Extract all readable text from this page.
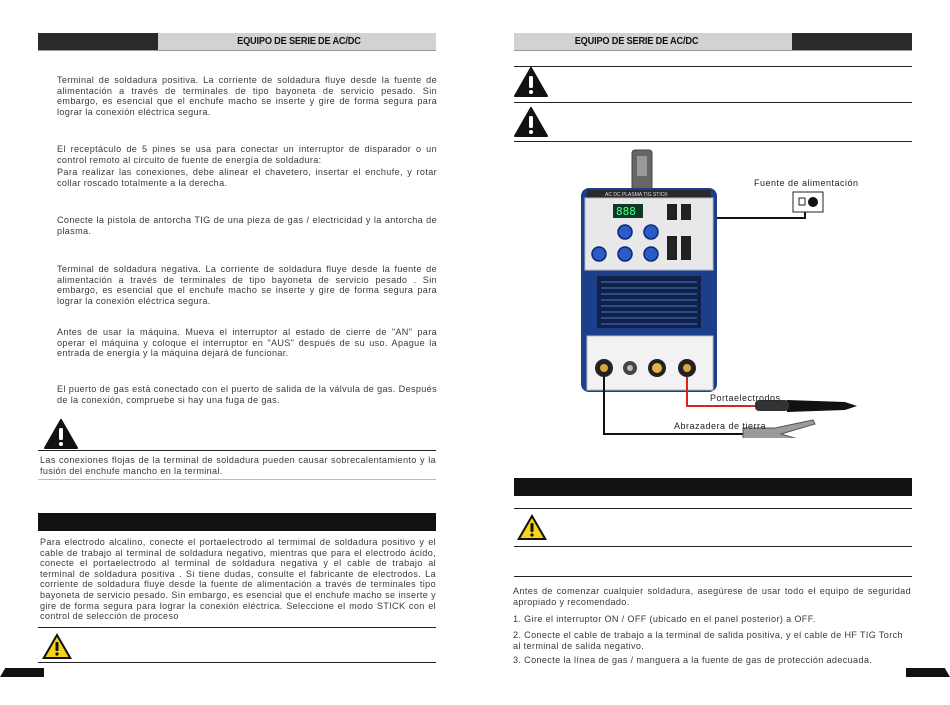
EQUIPO DE SERIE DE AC/DC
Terminal de soldadura positiva. La corriente de soldadura fluye desde la fuente de alimentación a través de terminales de tipo bayoneta de servicio pesado. Sin embargo, es esencial que el enchufe macho se inserte y gire de forma segura para lograr la conexión eléctrica segura.
El receptáculo de 5 pines se usa para conectar un interruptor de disparador o un control remoto al circuito de fuente de energía de soldadura:
Para realizar las conexiones, debe alinear el chavetero, insertar el enchufe, y rotar collar roscado totalmente a la derecha.
Conecte la pistola de antorcha TIG de una pieza de gas / electricidad y la antorcha de plasma.
Terminal de soldadura negativa. La corriente de soldadura fluye desde la fuente de alimentación a través de terminales de tipo bayoneta de servicio pesado . Sin embargo, es esencial que el enchufe macho se inserte y gire de forma segura para lograr la conexión eléctrica segura.
Antes de usar la máquina. Mueva el interruptor al estado de cierre de "AN" para operar el máquina y coloque el interruptor en "AUS" después de su uso. Apague la entrada de energía y la máquina dejará de funcionar.
El puerto de gas está conectado con el puerto de salida de la válvula de gas. Después de la conexión, compruebe si hay una fuga de gas.
Las conexiones flojas de la terminal de soldadura pueden causar sobrecalentamiento y la fusión del enchufe mancho en la terminal.
Para electrodo alcalino, conecte el portaelectrodo al termimal de soldadura positivo y el cable de trabajo al terminal de soldadura negativo, mientras que para el electrodo ácido, conecte el portaelectrodo al terminal de soldadura negativa y el cable de trabajo al terminal de soldadura positiva . Si tiene dudas, consulte el fabricante de electrodos. La corriente de soldadura fluye desde la fuente de alimentación a través de terminales tipo bayoneta de servicio pesado. Sin embargo, es esencial que el enchufe macho se inserte y gire de forma segura para lograr la conexión eléctrica. Seleccione el modo STICK con el control de selección de proceso
EQUIPO DE SERIE DE AC/DC
AC DC PLASMA TIG STICK
888
Fuente de alimentación
Portaelectrodos
Abrazadera de tierra
Antes de comenzar cualquier soldadura, asegúrese de usar todo el equipo de seguridad apropiado y recomendado.
1. Gire el interruptor ON / OFF (ubicado en el panel posterior) a OFF.
2. Conecte el cable de trabajo a la terminal de salida positiva, y el cable de HF TIG Torch al terminal de salida negativo.
3. Conecte la línea de gas / manguera a la fuente de gas de protección adecuada.
